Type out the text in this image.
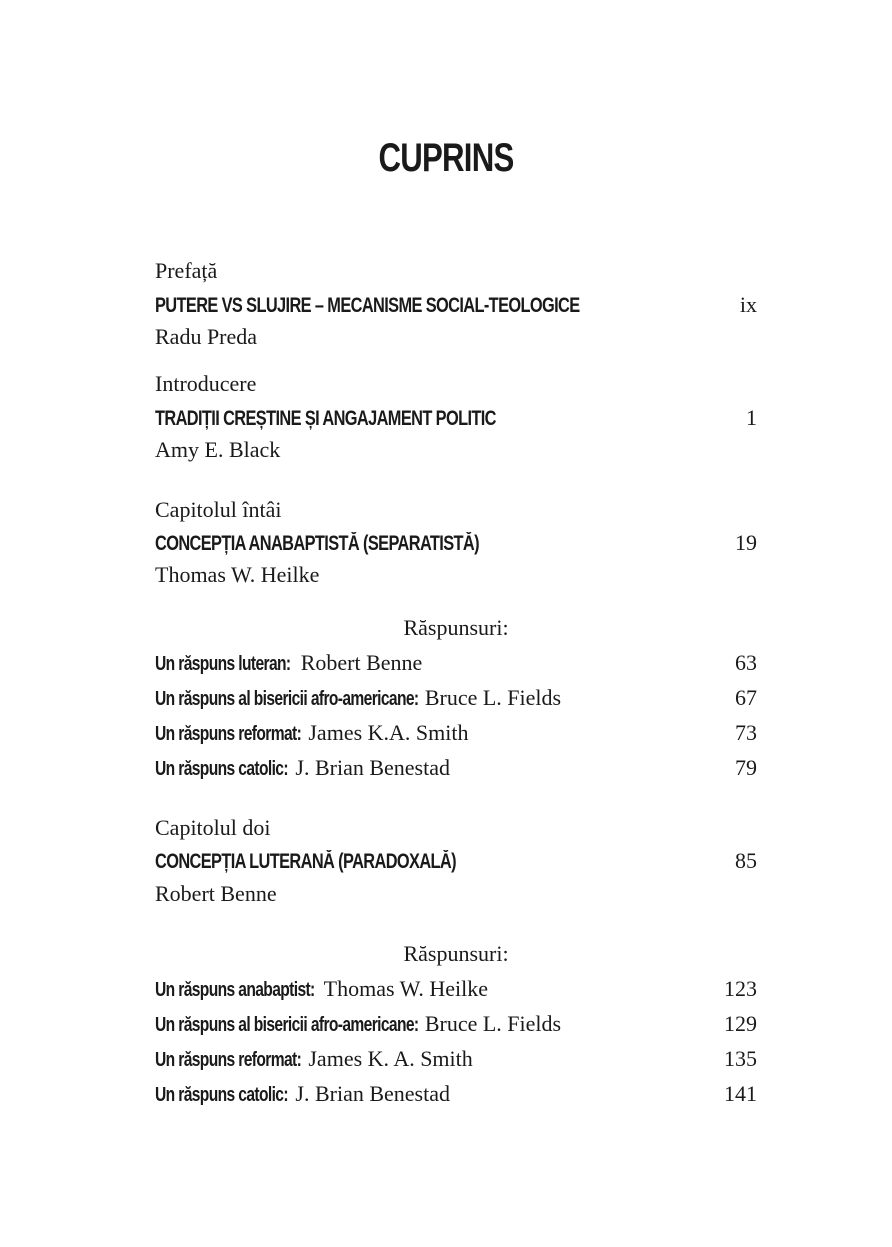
CUPRINS
Prefață
PUTERE VS SLUJIRE – MECANISME SOCIAL-TEOLOGICE	ix
Radu Preda
Introducere
TRADIȚII CREȘTINE ȘI ANGAJAMENT POLITIC	1
Amy E. Black
Capitolul întâi
CONCEPȚIA ANABAPTISTĂ (SEPARATISTĂ)	19
Thomas W. Heilke
Răspunsuri:
Un răspuns luteran: Robert Benne	63
Un răspuns al bisericii afro-americane: Bruce L. Fields	67
Un răspuns reformat: James K.A. Smith	73
Un răspuns catolic: J. Brian Benestad	79
Capitolul doi
CONCEPȚIA LUTERANĂ (PARADOXALĂ)	85
Robert Benne
Răspunsuri:
Un răspuns anabaptist: Thomas W. Heilke	123
Un răspuns al bisericii afro-americane: Bruce L. Fields	129
Un răspuns reformat: James K. A. Smith	135
Un răspuns catolic: J. Brian Benestad	141
